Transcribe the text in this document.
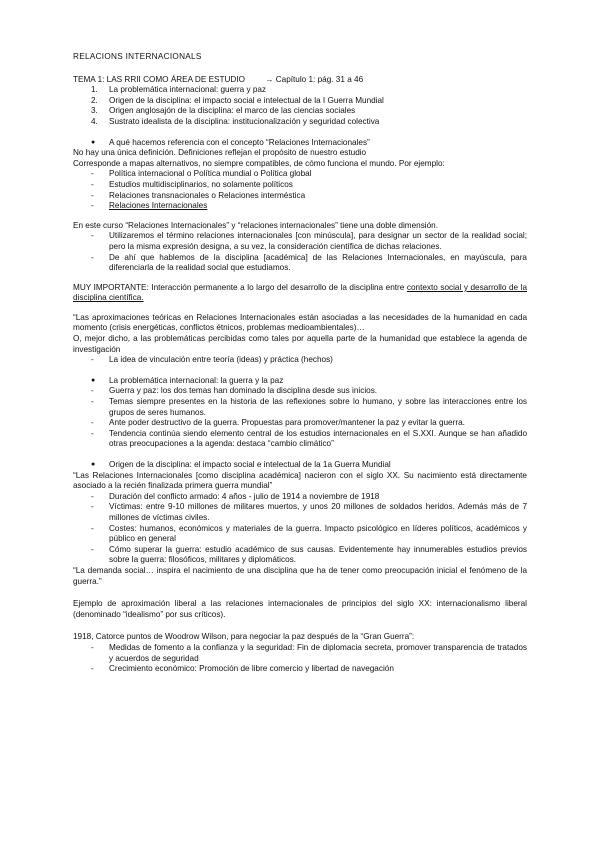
RELACIONS INTERNACIONALS
TEMA 1: LAS RRII COMO ÁREA DE ESTUDIO → Capítulo 1: pág. 31 a 46
1.	La problemática internacional: guerra y paz
2.	Origen de la disciplina: el impacto social e intelectual de la I Guerra Mundial
3.	Origen anglosajón de la disciplina: el marco de las ciencias sociales
4.	Sustrato idealista de la disciplina: institucionalización y seguridad colectiva
●	A qué hacemos referencia con el concepto “Relaciones Internacionales”

No hay una única definición. Definiciones reflejan el propósito de nuestro estudio

Corresponde a mapas alternativos, no siempre compatibles, de cómo funciona el mundo. Por ejemplo:

-	Política internacional o Política mundial o Política global
-	Estudios multidisciplinarios, no solamente políticos
-	Relaciones transnacionales o Relaciones interméstica
-	Relaciones Internacionales

En este curso “Relaciones Internacionales” y “relaciones internacionales” tiene una doble dimensión.

-	Utilizaremos el término relaciones internacionales [con minúscula], para designar un sector de la realidad social; pero la misma expresión designa, a su vez, la consideración científica de dichas relaciones.
-	De ahí que hablemos de la disciplina [académica] de las Relaciones Internacionales, en mayúscula, para diferenciarla de la realidad social que estudiamos.

MUY IMPORTANTE: Interacción permanente a lo largo del desarrollo de la disciplina entre contexto social y desarrollo de la disciplina científica.

“Las aproximaciones teóricas en Relaciones Internacionales están asociadas a las necesidades de la humanidad en cada momento (crisis energéticas, conflictos étnicos, problemas medioambientales)…

O, mejor dicho, a las problemáticas percibidas como tales por aquella parte de la humanidad que establece la agenda de investigación

-	La idea de vinculación entre teoría (ideas) y práctica (hechos)
●	La problemática internacional: la guerra y la paz
-	Guerra y paz: los dos temas han dominado la disciplina desde sus inicios.
-	Temas siempre presentes en la historia de las reflexiones sobre lo humano, y sobre las interacciones entre los grupos de seres humanos.
-	Ante poder destructivo de la guerra. Propuestas para promover/mantener la paz y evitar la guerra.
-	Tendencia continúa siendo elemento central de los estudios internacionales en el S.XXI. Aunque se han añadido otras preocupaciones a la agenda: destaca “cambio climático”
●	Origen de la disciplina: el impacto social e intelectual de la 1a Guerra Mundial

“Las Relaciones Internacionales [como disciplina académica] nacieron con el siglo XX. Su nacimiento está directamente asociado a la recién finalizada primera guerra mundial”

-	Duración del conflicto armado: 4 años - julio de 1914 a noviembre de 1918
-	Víctimas: entre 9-10 millones de militares muertos, y unos 20 millones de soldados heridos. Además más de 7 millones de víctimas civiles.
-	Costes: humanos, económicos y materiales de la guerra. Impacto psicológico en líderes políticos, académicos y público en general
-	Cómo superar la guerra: estudio académico de sus causas. Evidentemente hay innumerables estudios previos sobre la guerra: filosóficos, militares y diplomáticos.

“La demanda social… inspira el nacimiento de una disciplina que ha de tener como preocupación inicial el fenómeno de la guerra.”

Ejemplo de aproximación liberal a las relaciones internacionales de principios del siglo XX: internacionalismo liberal (denominado “idealismo” por sus críticos).

1918, Catorce puntos de Woodrow Wilson, para negociar la paz después de la “Gran Guerra”:

-	Medidas de fomento a la confianza y la seguridad: Fin de diplomacia secreta, promover transparencia de tratados y acuerdos de seguridad
-	Crecimiento económico: Promoción de libre comercio y libertad de navegación
